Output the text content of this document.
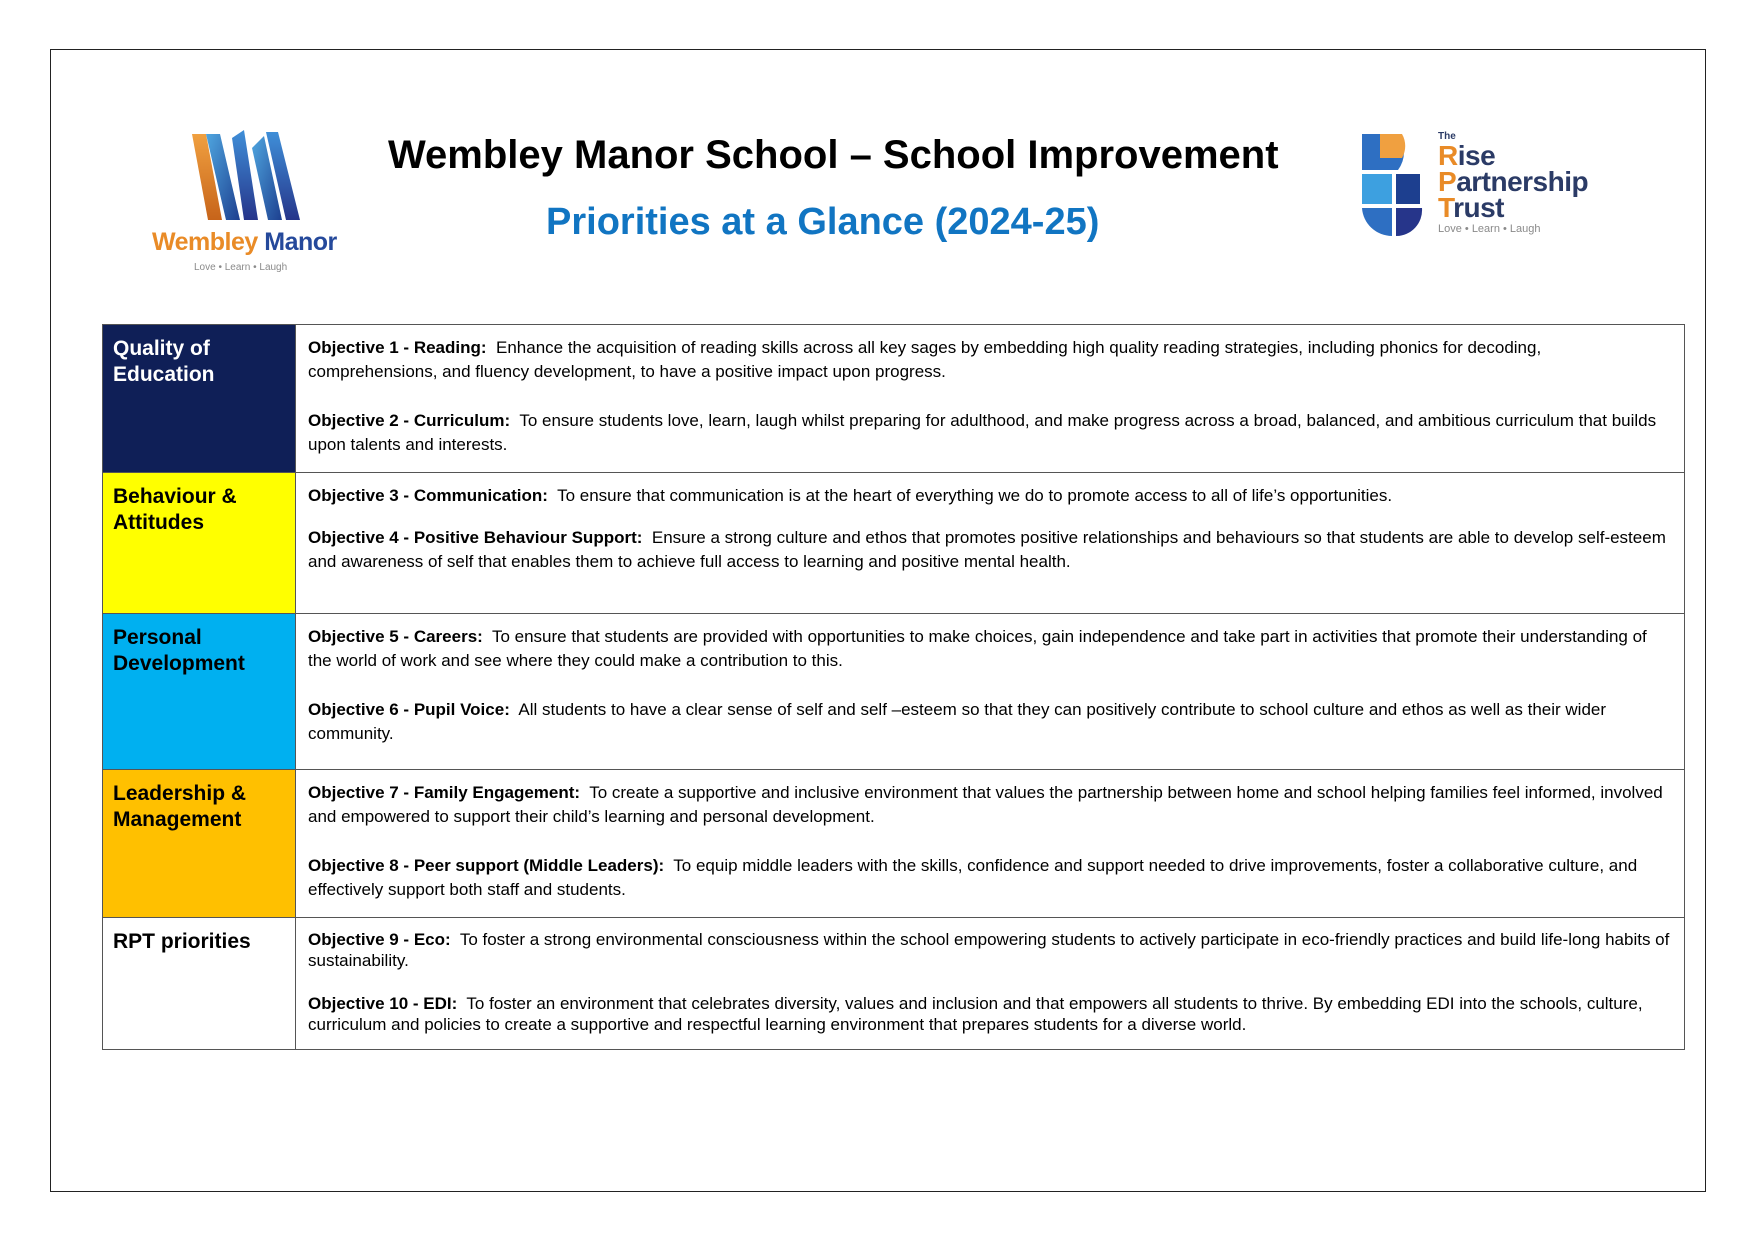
Wembley Manor
Love • Learn • Laugh
Wembley Manor School – School Improvement
Priorities at a Glance (2024-25)
The
Rise
Partnership
Trust
Love • Learn • Laugh
Quality of Education	Objective 1 - Reading: Enhance the acquisition of reading skills across all key sages by embedding high quality reading strategies, including phonics for decoding, comprehensions, and fluency development, to have a positive impact upon progress.

Objective 2 - Curriculum: To ensure students love, learn, laugh whilst preparing for adulthood, and make progress across a broad, balanced, and ambitious curriculum that builds upon talents and interests.

Behaviour & Attitudes	Objective 3 - Communication: To ensure that communication is at the heart of everything we do to promote access to all of life’s opportunities.

Objective 4 - Positive Behaviour Support: Ensure a strong culture and ethos that promotes positive relationships and behaviours so that students are able to develop self-esteem and awareness of self that enables them to achieve full access to learning and positive mental health.

Personal Development	Objective 5 - Careers: To ensure that students are provided with opportunities to make choices, gain independence and take part in activities that promote their understanding of the world of work and see where they could make a contribution to this.

Objective 6 - Pupil Voice: All students to have a clear sense of self and self –esteem so that they can positively contribute to school culture and ethos as well as their wider community.

Leadership & Management	Objective 7 - Family Engagement: To create a supportive and inclusive environment that values the partnership between home and school helping families feel informed, involved and empowered to support their child’s learning and personal development.

Objective 8 - Peer support (Middle Leaders): To equip middle leaders with the skills, confidence and support needed to drive improvements, foster a collaborative culture, and effectively support both staff and students.

RPT priorities	Objective 9 - Eco: To foster a strong environmental consciousness within the school empowering students to actively participate in eco-friendly practices and build life-long habits of sustainability.

Objective 10 - EDI: To foster an environment that celebrates diversity, values and inclusion and that empowers all students to thrive. By embedding EDI into the schools, culture, curriculum and policies to create a supportive and respectful learning environment that prepares students for a diverse world.
